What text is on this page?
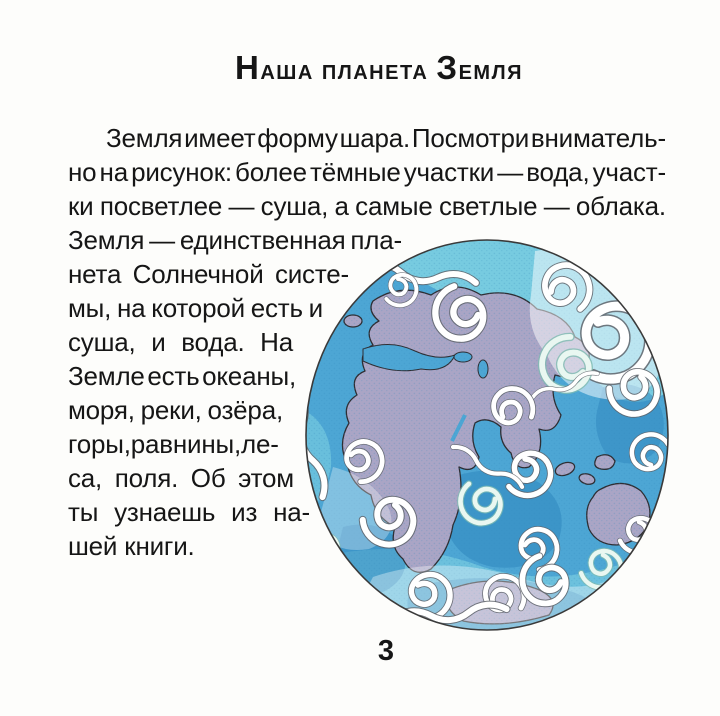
НАША ПЛАНЕТА ЗЕМЛЯ
Земля имеет форму шара. Посмотри вниматель-
но на рисунок: более тёмные участки — вода, участ-
ки посветлее — суша, а самые светлые — облака.
Земля — единственная пла-
нета Солнечной систе-
мы, на которой есть и
суша, и вода. На
Земле есть океаны,
моря, реки, озёра,
горы, равнины, ле-
са, поля. Об этом
ты узнаешь из на-
шей книги.
3
